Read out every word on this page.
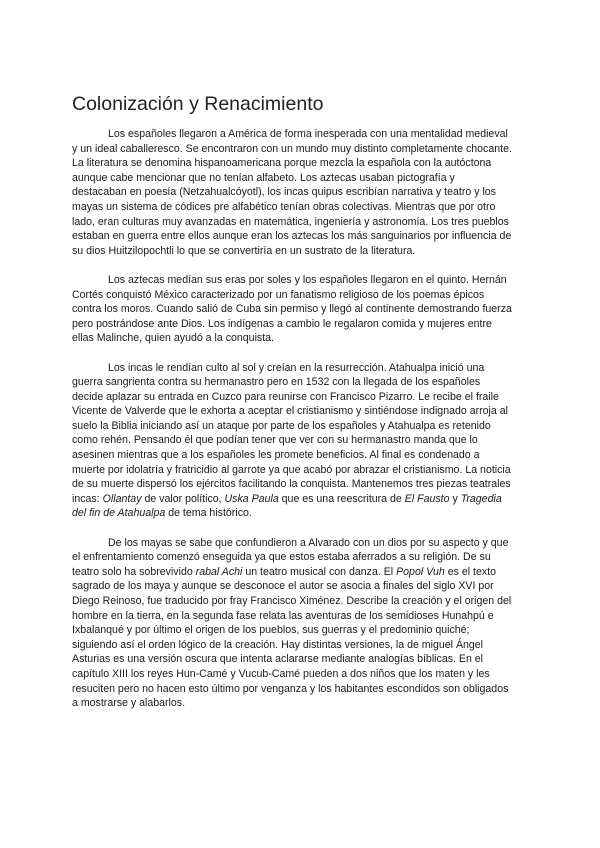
Colonización y Renacimiento

Los españoles llegaron a América de forma inesperada con una mentalidad medieval y un ideal caballeresco. Se encontraron con un mundo muy distinto completamente chocante. La literatura se denomina hispanoamericana porque mezcla la española con la autóctona aunque cabe mencionar que no tenían alfabeto. Los aztecas usaban pictografía y destacaban en poesía (Netzahualcóyotl), los incas quipus escribían narrativa y teatro y los mayas un sistema de códices pre alfabético tenían obras colectivas. Mientras que por otro lado, eran culturas muy avanzadas en matemática, ingeniería y astronomía. Los tres pueblos estaban en guerra entre ellos aunque eran los aztecas los más sanguinarios por influencia de su dios Huitzilopochtli lo que se convertiría en un sustrato de la literatura.

Los aztecas medían sus eras por soles y los españoles llegaron en el quinto. Hernán Cortés conquistó México caracterizado por un fanatismo religioso de los poemas épicos contra los moros. Cuando salió de Cuba sin permiso y llegó al continente demostrando fuerza pero postrándose ante Dios. Los indígenas a cambio le regalaron comida y mujeres entre ellas Malinche, quien ayudó a la conquista.

Los incas le rendían culto al sol y creían en la resurrección. Atahualpa inició una guerra sangrienta contra su hermanastro pero en 1532 con la llegada de los españoles decide aplazar su entrada en Cuzco para reunirse con Francisco Pizarro. Le recibe el fraile Vicente de Valverde que le exhorta a aceptar el cristianismo y sintiéndose indignado arroja al suelo la Biblia iniciando así un ataque por parte de los españoles y Atahualpa es retenido como rehén. Pensando él que podían tener que ver con su hermanastro manda que lo asesinen mientras que a los españoles les promete beneficios. Al final es condenado a muerte por idolatría y fratricidio al garrote ya que acabó por abrazar el cristianismo. La noticia de su muerte dispersó los ejércitos facilitando la conquista. Mantenemos tres piezas teatrales incas: Ollantay de valor político, Uska Paula que es una reescritura de El Fausto y Tragedia del fin de Atahualpa de tema histórico.

De los mayas se sabe que confundieron a Alvarado con un dios por su aspecto y que el enfrentamiento comenzó enseguida ya que estos estaba aferrados a su religión. De su teatro solo ha sobrevivido rabal Achi un teatro musical con danza. El Popol Vuh es el texto sagrado de los maya y aunque se desconoce el autor se asocia a finales del siglo XVI por Diego Reinoso, fue traducido por fray Francisco Ximénez. Describe la creación y el origen del hombre en la tierra, en la segunda fase relata las aventuras de los semidioses Hunahpú e Ixbalanqué y por último el origen de los pueblos, sus guerras y el predominio quiché; siguiendo así el orden lógico de la creación. Hay distintas versiones, la de miguel Ángel Asturias es una versión oscura que intenta aclararse mediante analogías bíblicas. En el capítulo XIII los reyes Hun-Camé y Vucub-Camé pueden a dos niños que los maten y les resuciten pero no hacen esto último por venganza y los habitantes escondidos son obligados a mostrarse y alabarlos.
